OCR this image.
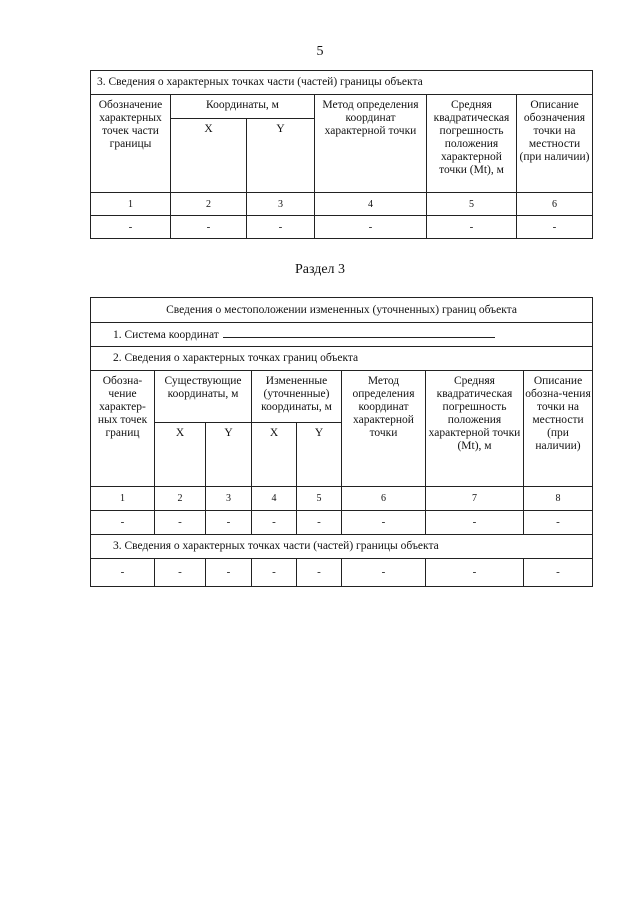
5
3. Сведения о характерных точках части (частей) границы объекта					
Обозначение характерных точек части границы	Координаты, м		Метод определения координат характерной точки	Средняя квадратическая погрешность положения характерной точки (Mt), м	Описание обозначения точки на местности (при наличии)
	X	Y			
1	2	3	4	5	6
-	-	-	-	-	-
Раздел 3
Сведения о местоположении измененных (уточненных) границ объекта							
1. Система координат							
2. Сведения о характерных точках границ объекта							
Обозна-чение характер-ных точек границ	Существующие координаты, м		Измененные (уточненные) координаты, м		Метод определения координат характерной точки	Средняя квадратическая погрешность положения характерной точки (Mt), м	Описание обозна-чения точки на местности (при наличии)
	X	Y	X	Y			
1	2	3	4	5	6	7	8
-	-	-	-	-	-	-	-
3. Сведения о характерных точках части (частей) границы объекта							
-	-	-	-	-	-	-	-
